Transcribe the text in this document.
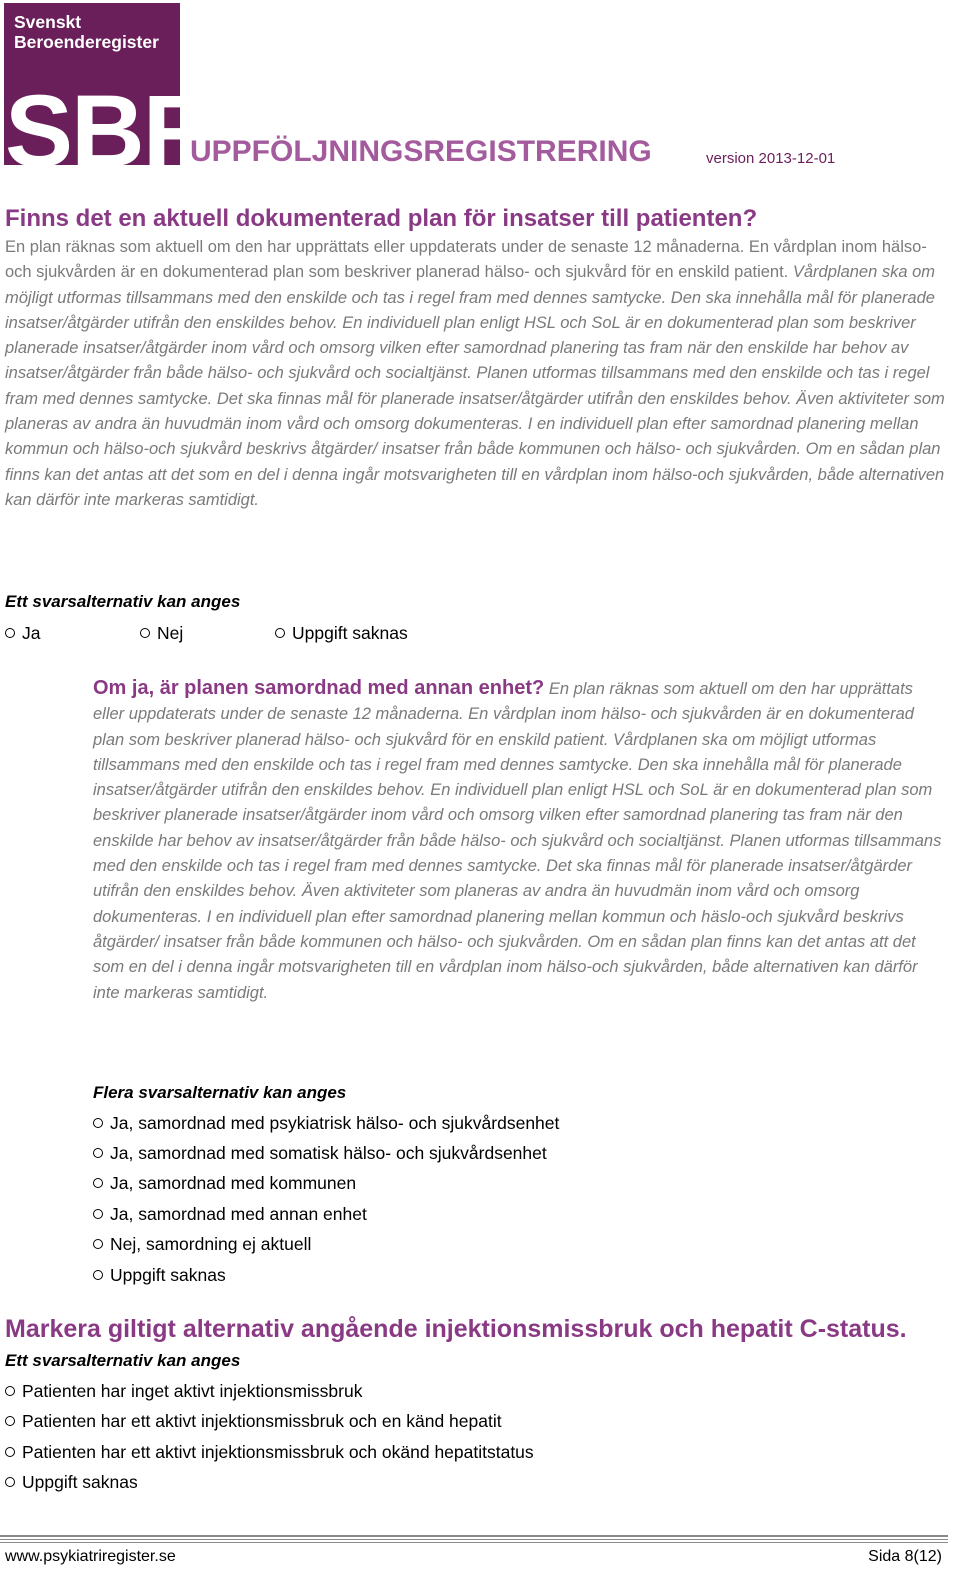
Svenskt
Beroenderegister
SBR
UPPFÖLJNINGSREGISTRERING	version 2013-12-01
Finns det en aktuell dokumenterad plan för insatser till patienten?
En plan räknas som aktuell om den har upprättats eller uppdaterats under de senaste 12 månaderna. En vårdplan inom hälso- och sjukvården är en dokumenterad plan som beskriver planerad hälso- och sjukvård för en enskild patient. Vårdplanen ska om möjligt utformas tillsammans med den enskilde och tas i regel fram med dennes samtycke. Den ska innehålla mål för planerade insatser/åtgärder utifrån den enskildes behov. En individuell plan enligt HSL och SoL är en dokumenterad plan som beskriver planerade insatser/åtgärder inom vård och omsorg vilken efter samordnad planering tas fram när den enskilde har behov av insatser/åtgärder från både hälso- och sjukvård och socialtjänst. Planen utformas tillsammans med den enskilde och tas i regel fram med dennes samtycke. Det ska finnas mål för planerade insatser/åtgärder utifrån den enskildes behov. Även aktiviteter som planeras av andra än huvudmän inom vård och omsorg dokumenteras. I en individuell plan efter samordnad planering mellan kommun och hälso-och sjukvård beskrivs åtgärder/ insatser från både kommunen och hälso- och sjukvården. Om en sådan plan finns kan det antas att det som en del i denna ingår motsvarigheten till en vårdplan inom hälso-och sjukvården, både alternativen kan därför inte markeras samtidigt.
Ett svarsalternativ kan anges
Ja	Nej	Uppgift saknas
Om ja, är planen samordnad med annan enhet? En plan räknas som aktuell om den har upprättats eller uppdaterats under de senaste 12 månaderna. En vårdplan inom hälso- och sjukvården är en dokumenterad plan som beskriver planerad hälso- och sjukvård för en enskild patient. Vårdplanen ska om möjligt utformas tillsammans med den enskilde och tas i regel fram med dennes samtycke. Den ska innehålla mål för planerade insatser/åtgärder utifrån den enskildes behov. En individuell plan enligt HSL och SoL är en dokumenterad plan som beskriver planerade insatser/åtgärder inom vård och omsorg vilken efter samordnad planering tas fram när den enskilde har behov av insatser/åtgärder från både hälso- och sjukvård och socialtjänst. Planen utformas tillsammans med den enskilde och tas i regel fram med dennes samtycke. Det ska finnas mål för planerade insatser/åtgärder utifrån den enskildes behov. Även aktiviteter som planeras av andra än huvudmän inom vård och omsorg dokumenteras. I en individuell plan efter samordnad planering mellan kommun och häslo-och sjukvård beskrivs åtgärder/ insatser från både kommunen och hälso- och sjukvården. Om en sådan plan finns kan det antas att det som en del i denna ingår motsvarigheten till en vårdplan inom hälso-och sjukvården, både alternativen kan därför inte markeras samtidigt.
Flera svarsalternativ kan anges
Ja, samordnad med psykiatrisk hälso- och sjukvårdsenhet
Ja, samordnad med somatisk hälso- och sjukvårdsenhet
Ja, samordnad med kommunen
Ja, samordnad med annan enhet
Nej, samordning ej aktuell
Uppgift saknas
Markera giltigt alternativ angående injektionsmissbruk och hepatit C-status.
Ett svarsalternativ kan anges
Patienten har inget aktivt injektionsmissbruk
Patienten har ett aktivt injektionsmissbruk och en känd hepatit
Patienten har ett aktivt injektionsmissbruk och okänd hepatitstatus
Uppgift saknas
www.psykiatriregister.se	Sida 8(12)
